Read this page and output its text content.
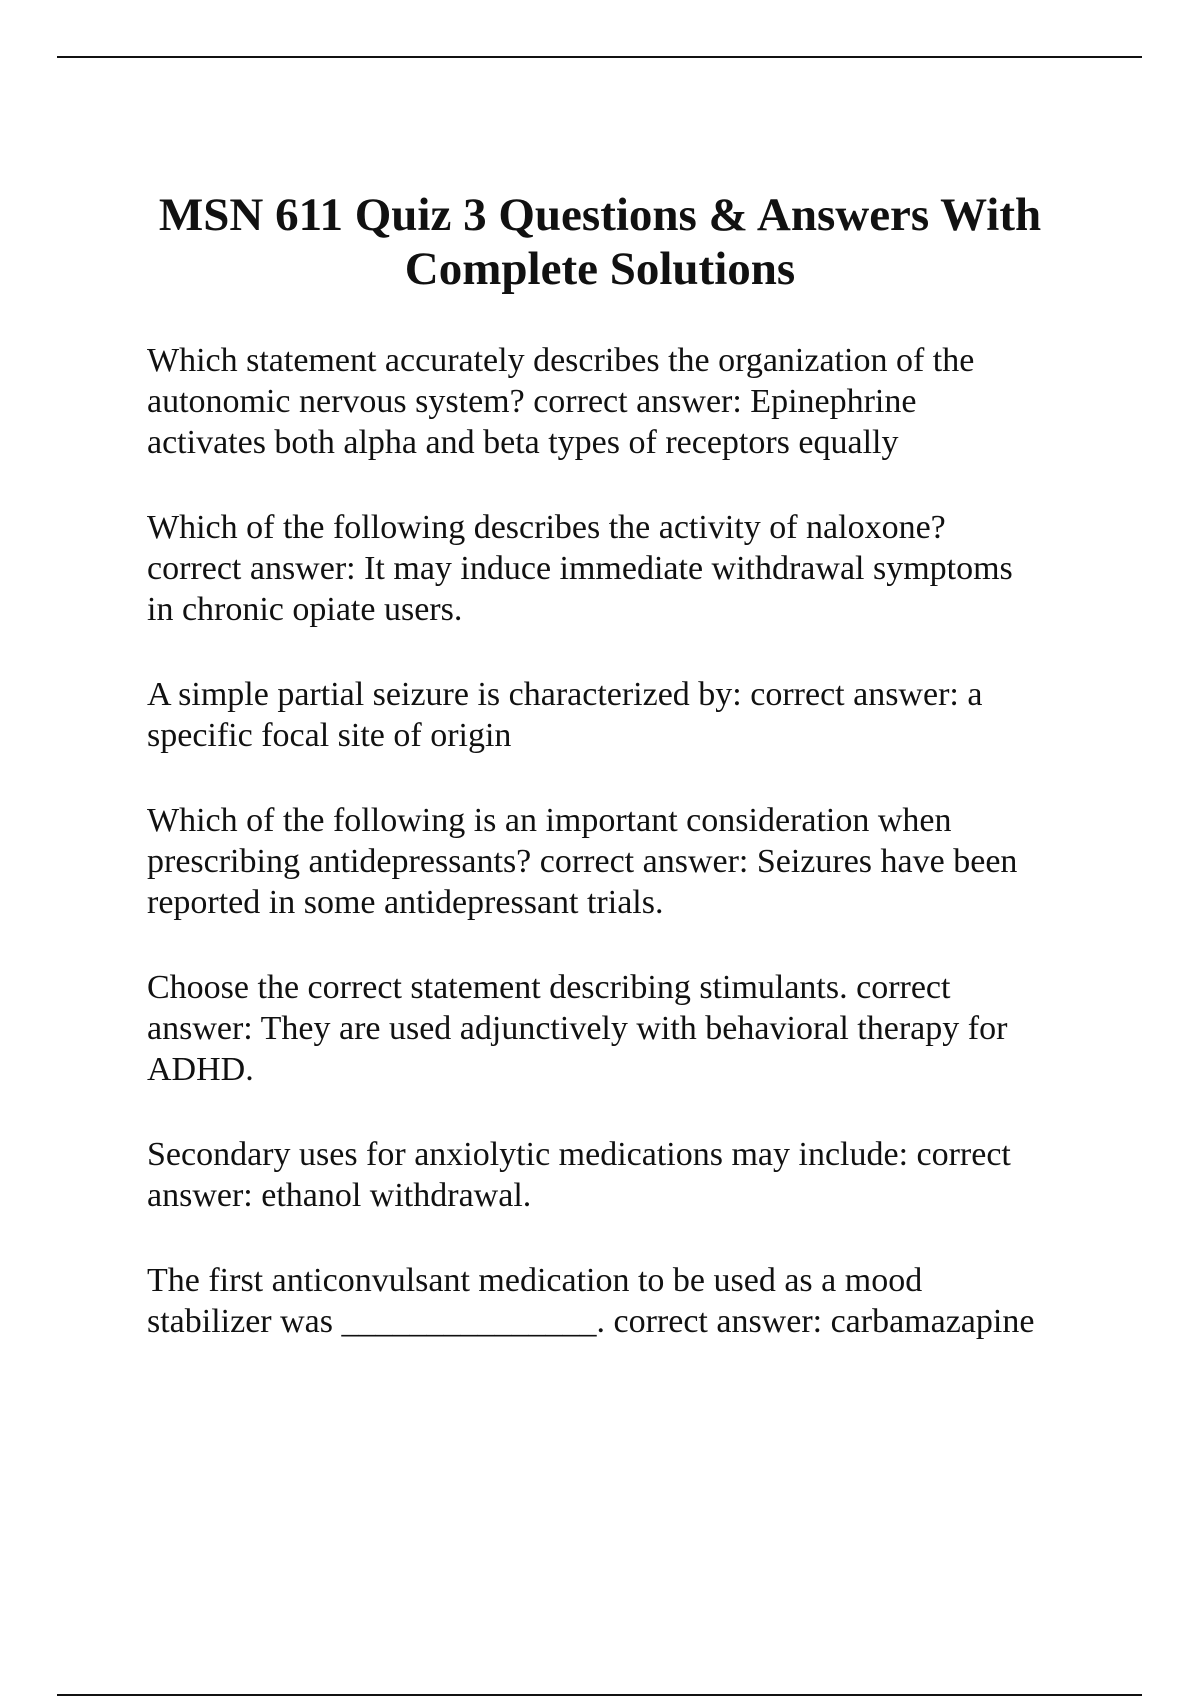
MSN 611 Quiz 3 Questions & Answers With
Complete Solutions

Which statement accurately describes the organization of the
autonomic nervous system? correct answer: Epinephrine
activates both alpha and beta types of receptors equally

Which of the following describes the activity of naloxone?
correct answer: It may induce immediate withdrawal symptoms
in chronic opiate users.

A simple partial seizure is characterized by: correct answer: a
specific focal site of origin

Which of the following is an important consideration when
prescribing antidepressants? correct answer: Seizures have been
reported in some antidepressant trials.

Choose the correct statement describing stimulants. correct
answer: They are used adjunctively with behavioral therapy for
ADHD.

Secondary uses for anxiolytic medications may include: correct
answer: ethanol withdrawal.

The first anticonvulsant medication to be used as a mood
stabilizer was _______________. correct answer: carbamazapine
